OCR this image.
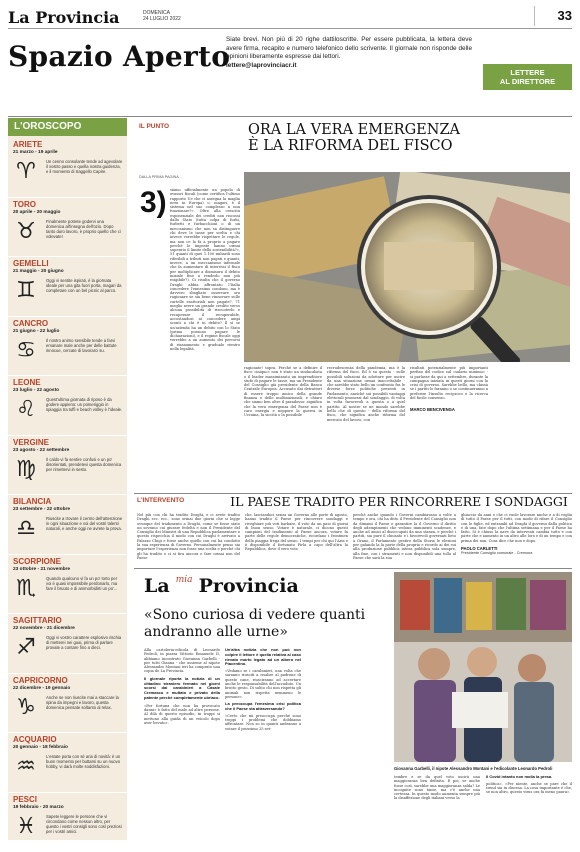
La Provincia	DOMENICA
24 LUGLIO 2022	33
Spazio Aperto
Siate brevi. Non più di 20 righe dattiloscritte. Per essere pubblicata, la lettera deve avere firma, recapito e numero telefonico dello scrivente. Il giornale non risponde delle opinioni liberamente espresse dai lettori.
lettere@laprovinciacr.it
LETTERE
AL DIRETTORE
L'OROSCOPO
ARIETE
21 marzo - 19 aprile
♈	Un cenno consolante tende ad agevolare il vostro passo e quella nostra guidenza, e il momento di Saggello Capire.
TORO
20 aprile - 20 maggio
♉	Finalmente potrete godervi una domenica all'insegna dell'ozio. Dopo tanto duro lavoro, è proprio quello che ci volevate!
GEMELLI
21 maggio - 20 giugno
♊	Oggi vi sentite ispirati, è la giornata ideale per una gita fuori porta, magari da completare con un bel picnic al parco.
CANCRO
21 giugno - 22 luglio
♋	Il nostro animo sensibile tende a farvi emanare male anche per delle battute innocue, cercate di lavorarci su.
LEONE
23 luglio - 22 agosto
♌	Quest'ultima giornata di riposo è da godere appieno: un pomeriggio in spiaggia tra tuffi e beach volley è l'ideale.
VERGINE
23 agosto - 22 settembre
♍	Il caldo vi fa sentire confusi e un po' disorientati, prendetevi questa domenica per rimettervi in sesto.
BILANCIA
23 settembre - 22 ottobre
♎	Riuscite a trovare il centro dell'attenzione in ogni situazione e voi del vostri talenti naturali, e anche oggi ne avrete la prova.
SCORPIONE
23 ottobre - 21 novembre
♏	Quando qualcuno vi fa un po' torto per voi è quasi impossibile perdonarlo, ma fare il bruuto e di ammorbidirti un po'...
SAGITTARIO
22 novembre - 21 dicembre
♐	Oggi vi vostro carattere esplosivo rischia di metterei nei guai, prima di parlare provate a contare fino a dieci.
CAPRICORNO
22 dicembre - 19 gennaio
♑	Anche se non riuscite mai a staccare la spina da impegni e lavoro, questa domenica pensate soltanto al relax.
ACQUARIO
20 gennaio - 18 febbraio
♒	L'estate porta con sé aria di novità: è un buon momento per buttarsi su un nuovo hobby, vi darà molte soddisfazioni.
PESCI
19 febbraio - 20 marzo
♓	Sapete leggere le persone che vi circondano come nessun altro, per questo i vostri consigli sono così preziosi per i vostri amici.
IL PUNTO	ORA LA VERA EMERGENZA
È LA RIFORMA DEL FISCO
DALLA PRIMA PAGINA
3) siamo ufficialmente un popolo di evasori fiscali (come certifica l'ultimo rapporto Ue che ci assegna la maglia nera in Europa) o, magari, è il sistema nel suo complesso a non funzionare?». Oltre alla crescita esponenziale dei crediti non riscossi dallo Stato (tutta colpa di furbi, furbetti e furbacchioni o di un meccanismo che non sa distinguere chi deve le tasse per scelta e chi invece vorrebbe rispettare le regole, ma non ce la fa a proprio a pagare perché le imposte hanno ormai superato il limite della sostenibilità?», 51 quanti di quei 1.100 miliardi sono riferibili a tributi non pagati e quanti, invece, a un meccanismo infernale che fa aumentare di interessi il fisco per moltiplicare a dismisura il debito iniziale fino a renderlo non più esigibile?). Ci risulta che il governo Draghi abbia affrontato l'Italia concedere l'ennesimo condono, ma è davvero sbagliato osservare ora ragionare se sia bene rinnovare sulle cartelle esattoriali non pagate?, 71 meglio avere un grande credito verso alcuna possibilità di riscuoterlo e recuperare il recuperabile, accostandosi ai concedere ampi sconti a chi è in debito? Il sì se un'azienda ha un debito con lo Stato (prima possono pagare le dichiarazioni), e il regime fiscale oggi verrebbe a un aumento dei percorsi di risanamento e graduale rientro nella legalità.

ragionate! sopra. Perché se a definire il fisco «iniquo» non è stato un sindacalista o il leader massimizzato un imprenditore stufo di pagare le tasse, ma un Presidente del Consiglio già presidente della Banca Centrale Europea. Accusato dai detrattori di essere troppo amico della grande finanza e delle multinazionali, e chiaro che siamo ben oltre il paradosso: significa che la vera emergenza del Paese non è caro energia e neppure la guerra in Ucraina, la siccità o la possibile

recrudescenza della pandemia, ma è la riforma del fisco. Ed è su questo - sulle possibili soluzioni da adottare per uscire da una situazione ormai inaccettabile - che sarebbe stato bello un confronto fra le diverse forze politiche presenti in Parlamento, anziché sui possibili vantaggi elettorali promessi dal sondaggio, di volta in volta favorevoli a questa o a quel partito. Al nostro se ne mondo sarebbe bello che di questo - della riforma del fisco, che significa anche riforma del mercato del lavoro, con

risultati potenzialmente più importanti perfino del codice sul «salario minimo» - si parlasse da qui a settembre, durante la campagna iniziata in questi giorni con la crisi di governo. Sarebbe bello, ma chissà se i partiti lo faranno o se continueranno a preferire l'insulto reciproco e la ricerca del facile consenso.

MARCO BENCIVENGA
L'INTERVENTO	IL PAESE TRADITO PER RINCORRERE I SONDAGGI

Nel più con chi ha tradito Draghi, e ci avete tradito Draghi ecc. ecc., sono ormai due giorni che si legge ovunque del tradimento a Draghi, come se fosse stato un sovrano cui giurare fedeltà e non il Presidente del Consiglio dei Ministri di una Repubblica parlamentare e questo rispecchia il modo con cui Draghi è arrivato a Palazzo Chigi e forse anche quello con cui ha condotto la sua esperienza di Governo. Personalmente penso sia importare l'esperienza non fosse una scelta e perché chi gli ha tradito e ci si tira ancora e fare ormai non del Paese

che, lasciandoci senza un Governo alle porte di agosto, hanno tradito il Paese per rincorrere sondaggi e riveghiare più voti barbare, il voto da un paio di giorni di buon senso. Votare è naturale, ci dicono questi campioni del tradimento al Paese ancora, votare fa parte delle regole democratiche, ricordano i frontmen della piaggia frega del senso. I tempi per chi qui l'Aria e è disponibile il fortunato Pirla a capo dell'altra la Repubblica, dove il vero voto

perché anche quando i Governi cambiavano a volte a tempo e ora, chi ha ditto il Presidente del Consiglio non da dimami il Paese e garantire la il Governo il diritto degli adempimenti che vedono imminenti scadenze, e anche ad amici al disoccupati da una stanza, e perché i partiti, sia pure il chiusato e i favorevoli governati lieto a Orano, il Parlamento gestire della Storia le elezioni per galando la la parte della propria e ricordo ai dei sui alla produzione pubblica intesa pubblica sola sempre, alla fine, con i strumenti e non disponibili una tolla al Paese che sarà la sua

ghiaccio da anni e che ci vuole lavorare anche e a di voglia di tutto il Paese per il tutti, con modo di rifare il Consiglio con le figlie, ed entrambi ad Draghi il governo dalla politica e di una, fate dopo che l'ultima settimana e per il Paese ha fatto. Si è chiuso la nave da interventi cambia tutto e con parte che e aumento in un altro alle loro e di un tempo e con prima dei non. Cosa dice che non e dopo.

PAOLO CARLETTI
Presidente Consiglio comunale - Cremona
La $^{mia}$ Provincia
«Sono curiosa di vedere quanti andranno alle urne»
Giovanna Garbelli, il nipote Alessandro Montani e l'edicolante Leonardo Pedroli

Alla cartoleria-edicola di Leonardo Pedroli, in piazza Vittorio Emanuele II, abbiamo incontrato Giovanna Garbelli - per tutti Gianna - che assieme al nipote Alessandro Montani ieri ha comprato una copia de La Provincia.

Il giornale riporta la notizia di un cittadino straniero fermato nei giorni scorsi dai carabinieri a Casale Cremasco e multato e privato della patente perché completamente ubriaco.

«Per fortuna che non ha provocato danni» è fatto del male ad altre persone. Al dilà di questo episodio, in troppi si mettono alla guida di un veicolo dopo aver bevuto».

Un'altra notizia che non può non colpire il lettore è quella relativa al caso rievato morto legato ad un albero nel Piacentino.

«Vedamo se i carabinieri, una volta che saranno riusciti a risalire al padrone di questo cane, riusciranno ad accertare anche le responsabilità dell'accaduto. Un brutto gesto. Di solito chi non rispetta gli animali non rispetta nemmeno le persone».

La preoccupa l'emesima crisi politica che il Paese sta attraversando?

«Certo che mi preoccupa perché sono troppi i problemi che dobbiamo affrontare. Non so in quanti andranno a votare il prossimo 25 set-

tembre e se da quel voto uscirà una maggioranza ben definita. E poi, se anche fosse così, sarebbe una maggioranza salda? Le incognite sono tante, ma c'è anche una certezza. In questo modo aumenta sempre più la disaffezione degli italiani verso la

Il Covid intanto non molla la presa.

politica». «Per niente, anche se pare che il trend sia in discesa. La cosa importante è che, se non altro, questo virus ora fa meno paura».
